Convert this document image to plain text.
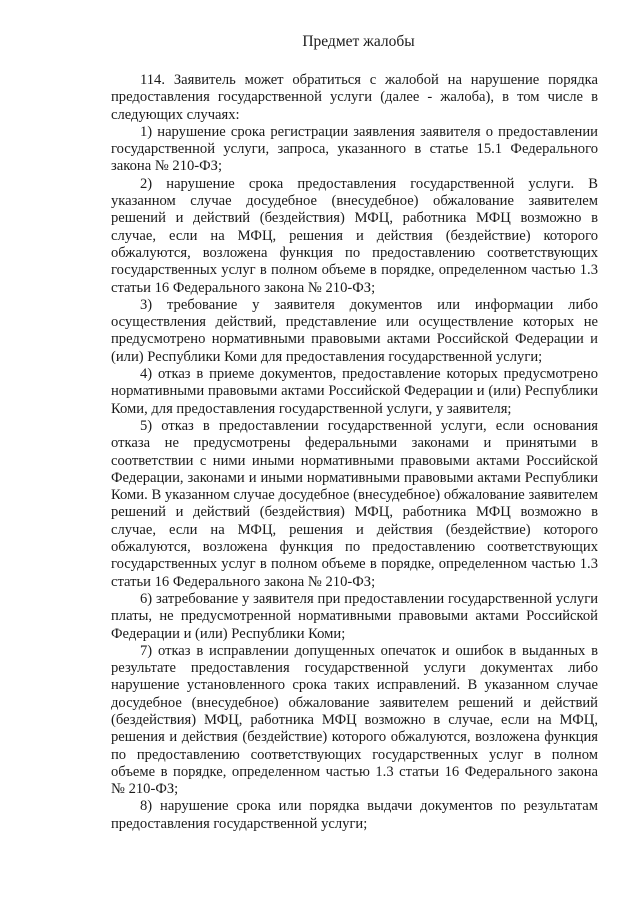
Предмет жалобы

114. Заявитель может обратиться с жалобой на нарушение порядка предоставления государственной услуги (далее - жалоба), в том числе в следующих случаях:

1) нарушение срока регистрации заявления заявителя о предоставлении государственной услуги, запроса, указанного в статье 15.1 Федерального закона № 210-ФЗ;

2) нарушение срока предоставления государственной услуги. В указанном случае досудебное (внесудебное) обжалование заявителем решений и действий (бездействия) МФЦ, работника МФЦ возможно в случае, если на МФЦ, решения и действия (бездействие) которого обжалуются, возложена функция по предоставлению соответствующих государственных услуг в полном объеме в порядке, определенном частью 1.3 статьи 16 Федерального закона № 210-ФЗ;

3) требование у заявителя документов или информации либо осуществления действий, представление или осуществление которых не предусмотрено нормативными правовыми актами Российской Федерации и (или) Республики Коми для предоставления государственной услуги;

4) отказ в приеме документов, предоставление которых предусмотрено нормативными правовыми актами Российской Федерации и (или) Республики Коми, для предоставления государственной услуги, у заявителя;

5) отказ в предоставлении государственной услуги, если основания отказа не предусмотрены федеральными законами и принятыми в соответствии с ними иными нормативными правовыми актами Российской Федерации, законами и иными нормативными правовыми актами Республики Коми. В указанном случае досудебное (внесудебное) обжалование заявителем решений и действий (бездействия) МФЦ, работника МФЦ возможно в случае, если на МФЦ, решения и действия (бездействие) которого обжалуются, возложена функция по предоставлению соответствующих государственных услуг в полном объеме в порядке, определенном частью 1.3 статьи 16 Федерального закона № 210-ФЗ;

6) затребование у заявителя при предоставлении государственной услуги платы, не предусмотренной нормативными правовыми актами Российской Федерации и (или) Республики Коми;

7) отказ в исправлении допущенных опечаток и ошибок в выданных в результате предоставления государственной услуги документах либо нарушение установленного срока таких исправлений. В указанном случае досудебное (внесудебное) обжалование заявителем решений и действий (бездействия) МФЦ, работника МФЦ возможно в случае, если на МФЦ, решения и действия (бездействие) которого обжалуются, возложена функция по предоставлению соответствующих государственных услуг в полном объеме в порядке, определенном частью 1.3 статьи 16 Федерального закона № 210-ФЗ;

8) нарушение срока или порядка выдачи документов по результатам предоставления государственной услуги;
